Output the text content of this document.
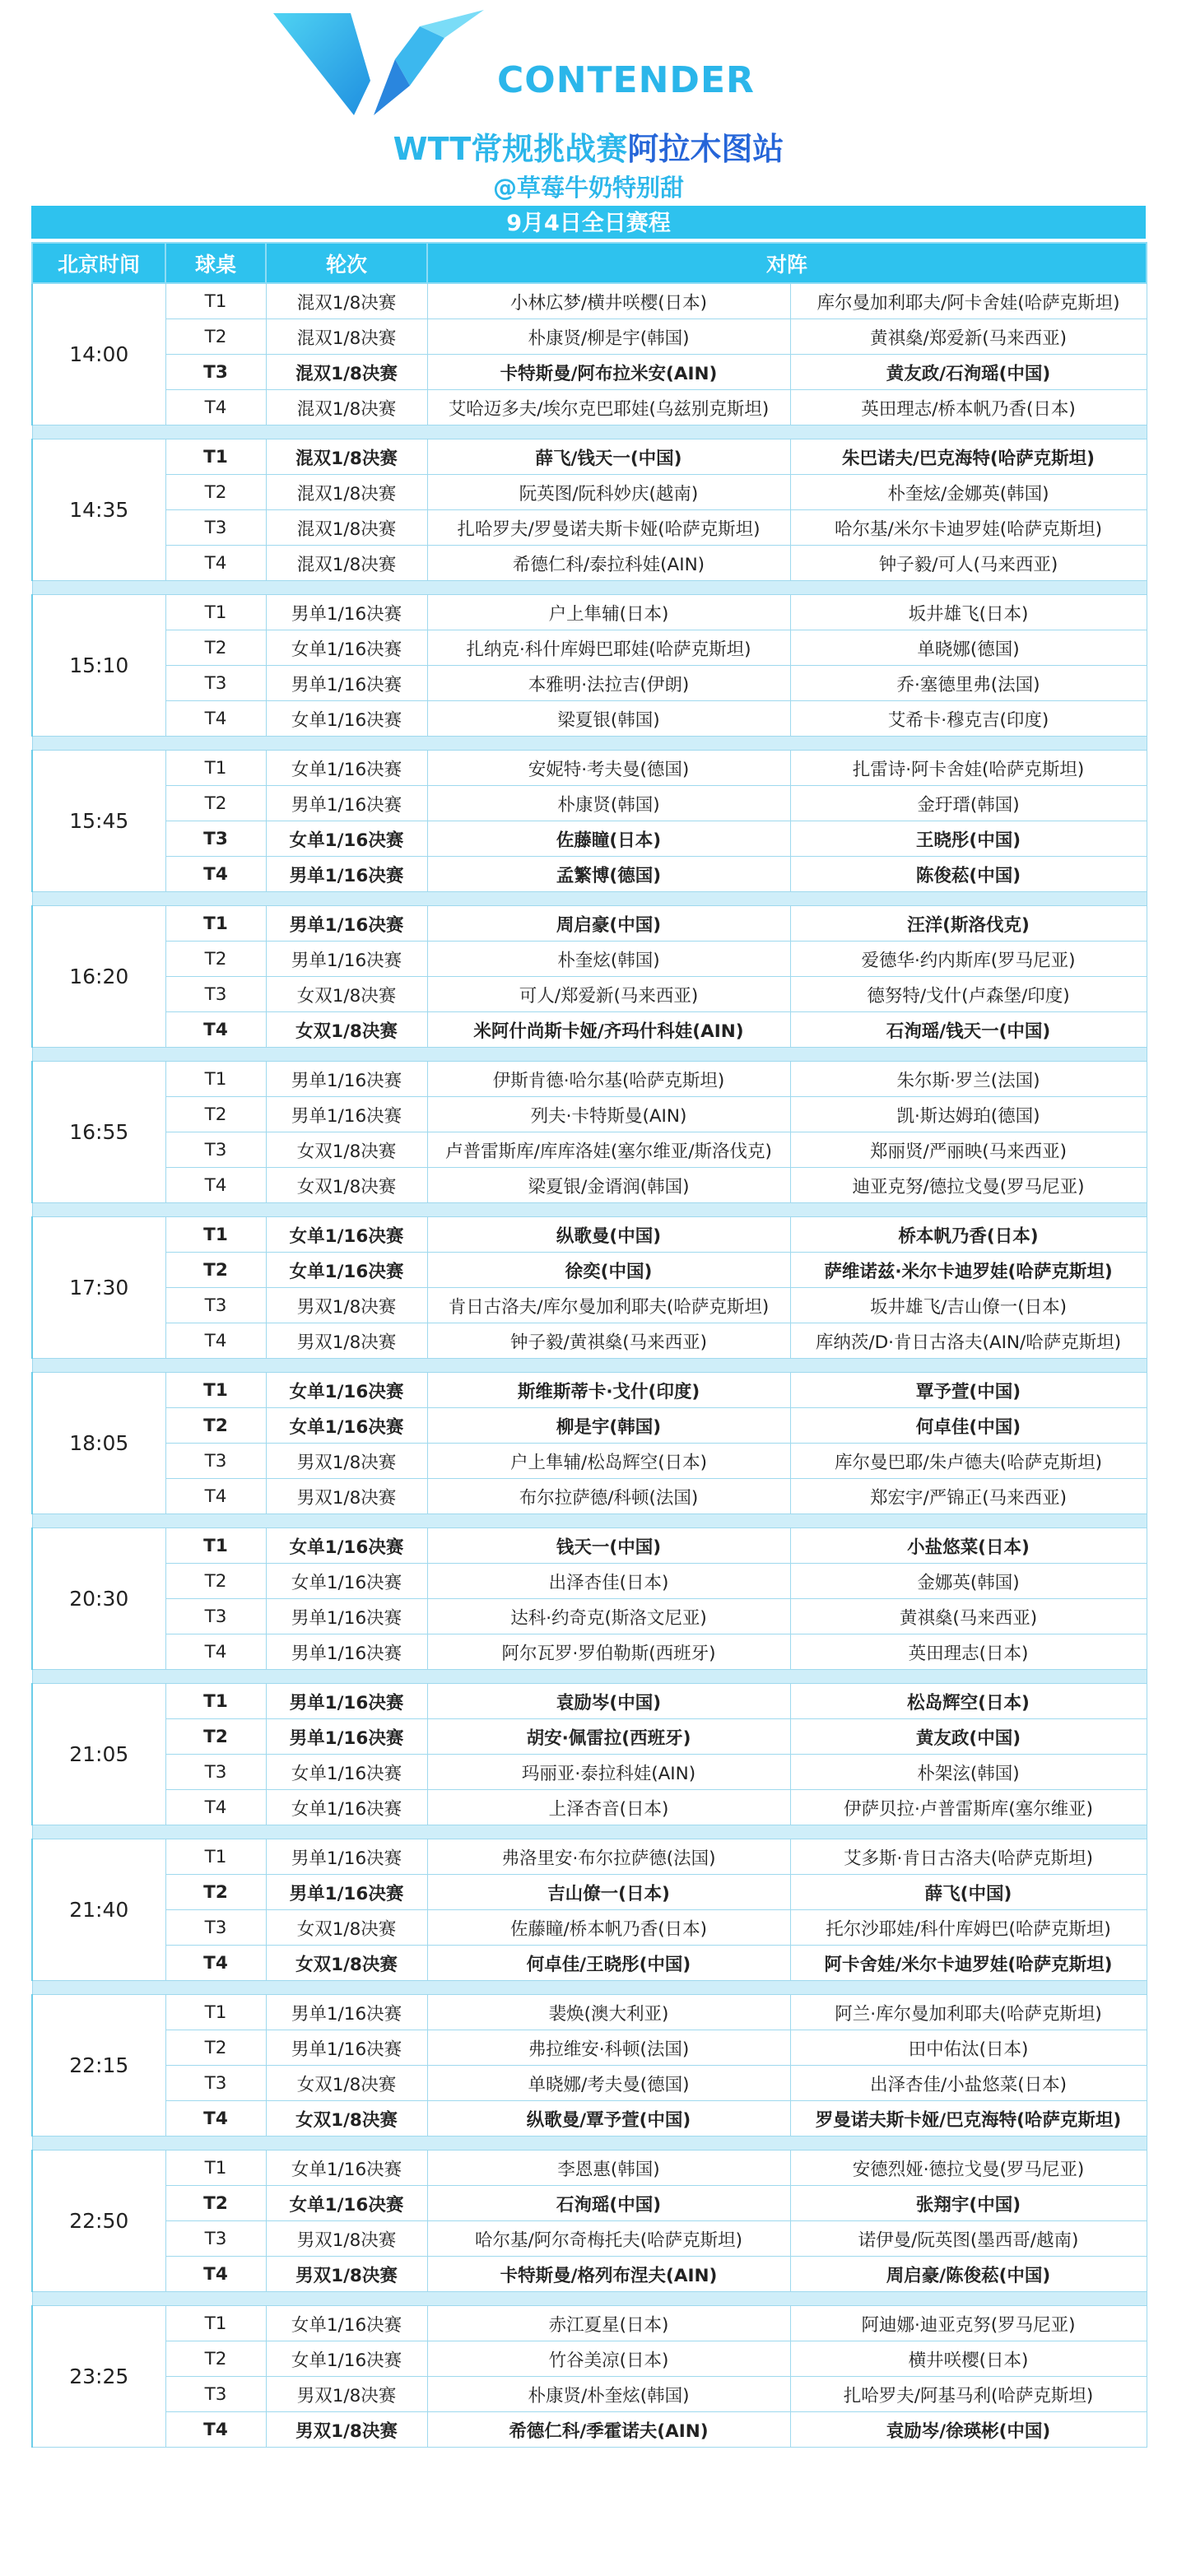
CONTENDER
WTT常规挑战赛阿拉木图站
@草莓牛奶特别甜
9月4日全日赛程
北京时间	球桌	轮次	对阵	
14:00	T1	混双1/8决赛	小林広梦/横井咲樱(日本)	库尔曼加利耶夫/阿卡舍娃(哈萨克斯坦)
	T2	混双1/8决赛	朴康贤/柳是宇(韩国)	黄祺燊/郑爱新(马来西亚)
	T3	混双1/8决赛	卡特斯曼/阿布拉米安(AIN)	黄友政/石洵瑶(中国)
	T4	混双1/8决赛	艾哈迈多夫/埃尔克巴耶娃(乌兹别克斯坦)	英田理志/桥本帆乃香(日本)

14:35	T1	混双1/8决赛	薛飞/钱天一(中国)	朱巴诺夫/巴克海特(哈萨克斯坦)
	T2	混双1/8决赛	阮英图/阮科妙庆(越南)	朴奎炫/金娜英(韩国)
	T3	混双1/8决赛	扎哈罗夫/罗曼诺夫斯卡娅(哈萨克斯坦)	哈尔基/米尔卡迪罗娃(哈萨克斯坦)
	T4	混双1/8决赛	希德仁科/泰拉科娃(AIN)	钟子毅/可人(马来西亚)

15:10	T1	男单1/16决赛	户上隼辅(日本)	坂井雄飞(日本)
	T2	女单1/16决赛	扎纳克·科什库姆巴耶娃(哈萨克斯坦)	单晓娜(德国)
	T3	男单1/16决赛	本雅明·法拉吉(伊朗)	乔·塞德里弗(法国)
	T4	女单1/16决赛	梁夏银(韩国)	艾希卡·穆克吉(印度)

15:45	T1	女单1/16决赛	安妮特·考夫曼(德国)	扎雷诗·阿卡舍娃(哈萨克斯坦)
	T2	男单1/16决赛	朴康贤(韩国)	金玗瑨(韩国)
	T3	女单1/16决赛	佐藤瞳(日本)	王晓彤(中国)
	T4	男单1/16决赛	孟繁博(德国)	陈俊菘(中国)

16:20	T1	男单1/16决赛	周启豪(中国)	汪洋(斯洛伐克)
	T2	男单1/16决赛	朴奎炫(韩国)	爱德华·约内斯库(罗马尼亚)
	T3	女双1/8决赛	可人/郑爱新(马来西亚)	德努特/戈什(卢森堡/印度)
	T4	女双1/8决赛	米阿什尚斯卡娅/齐玛什科娃(AIN)	石洵瑶/钱天一(中国)

16:55	T1	男单1/16决赛	伊斯肯德·哈尔基(哈萨克斯坦)	朱尔斯·罗兰(法国)
	T2	男单1/16决赛	列夫·卡特斯曼(AIN)	凯·斯达姆珀(德国)
	T3	女双1/8决赛	卢普雷斯库/库库洛娃(塞尔维亚/斯洛伐克)	郑丽贤/严丽映(马来西亚)
	T4	女双1/8决赛	梁夏银/金谞润(韩国)	迪亚克努/德拉戈曼(罗马尼亚)

17:30	T1	女单1/16决赛	纵歌曼(中国)	桥本帆乃香(日本)
	T2	女单1/16决赛	徐奕(中国)	萨维诺兹·米尔卡迪罗娃(哈萨克斯坦)
	T3	男双1/8决赛	肯日古洛夫/库尔曼加利耶夫(哈萨克斯坦)	坂井雄飞/吉山僚一(日本)
	T4	男双1/8决赛	钟子毅/黄祺燊(马来西亚)	库纳茨/D·肯日古洛夫(AIN/哈萨克斯坦)

18:05	T1	女单1/16决赛	斯维斯蒂卡·戈什(印度)	覃予萱(中国)
	T2	女单1/16决赛	柳是宇(韩国)	何卓佳(中国)
	T3	男双1/8决赛	户上隼辅/松岛辉空(日本)	库尔曼巴耶/朱卢德夫(哈萨克斯坦)
	T4	男双1/8决赛	布尔拉萨德/科顿(法国)	郑宏宇/严锦正(马来西亚)

20:30	T1	女单1/16决赛	钱天一(中国)	小盐悠菜(日本)
	T2	女单1/16决赛	出泽杏佳(日本)	金娜英(韩国)
	T3	男单1/16决赛	达科·约奇克(斯洛文尼亚)	黄祺燊(马来西亚)
	T4	男单1/16决赛	阿尔瓦罗·罗伯勒斯(西班牙)	英田理志(日本)

21:05	T1	男单1/16决赛	袁励岑(中国)	松岛辉空(日本)
	T2	男单1/16决赛	胡安·佩雷拉(西班牙)	黄友政(中国)
	T3	女单1/16决赛	玛丽亚·泰拉科娃(AIN)	朴架泫(韩国)
	T4	女单1/16决赛	上泽杏音(日本)	伊萨贝拉·卢普雷斯库(塞尔维亚)

21:40	T1	男单1/16决赛	弗洛里安·布尔拉萨德(法国)	艾多斯·肯日古洛夫(哈萨克斯坦)
	T2	男单1/16决赛	吉山僚一(日本)	薛飞(中国)
	T3	女双1/8决赛	佐藤瞳/桥本帆乃香(日本)	托尔沙耶娃/科什库姆巴(哈萨克斯坦)
	T4	女双1/8决赛	何卓佳/王晓彤(中国)	阿卡舍娃/米尔卡迪罗娃(哈萨克斯坦)

22:15	T1	男单1/16决赛	裴焕(澳大利亚)	阿兰·库尔曼加利耶夫(哈萨克斯坦)
	T2	男单1/16决赛	弗拉维安·科顿(法国)	田中佑汰(日本)
	T3	女双1/8决赛	单晓娜/考夫曼(德国)	出泽杏佳/小盐悠菜(日本)
	T4	女双1/8决赛	纵歌曼/覃予萱(中国)	罗曼诺夫斯卡娅/巴克海特(哈萨克斯坦)

22:50	T1	女单1/16决赛	李恩惠(韩国)	安德烈娅·德拉戈曼(罗马尼亚)
	T2	女单1/16决赛	石洵瑶(中国)	张翔宇(中国)
	T3	男双1/8决赛	哈尔基/阿尔奇梅托夫(哈萨克斯坦)	诺伊曼/阮英图(墨西哥/越南)
	T4	男双1/8决赛	卡特斯曼/格列布涅夫(AIN)	周启豪/陈俊菘(中国)

23:25	T1	女单1/16决赛	赤江夏星(日本)	阿迪娜·迪亚克努(罗马尼亚)
	T2	女单1/16决赛	竹谷美凉(日本)	横井咲樱(日本)
	T3	男双1/8决赛	朴康贤/朴奎炫(韩国)	扎哈罗夫/阿基马利(哈萨克斯坦)
	T4	男双1/8决赛	希德仁科/季霍诺夫(AIN)	袁励岑/徐瑛彬(中国)
